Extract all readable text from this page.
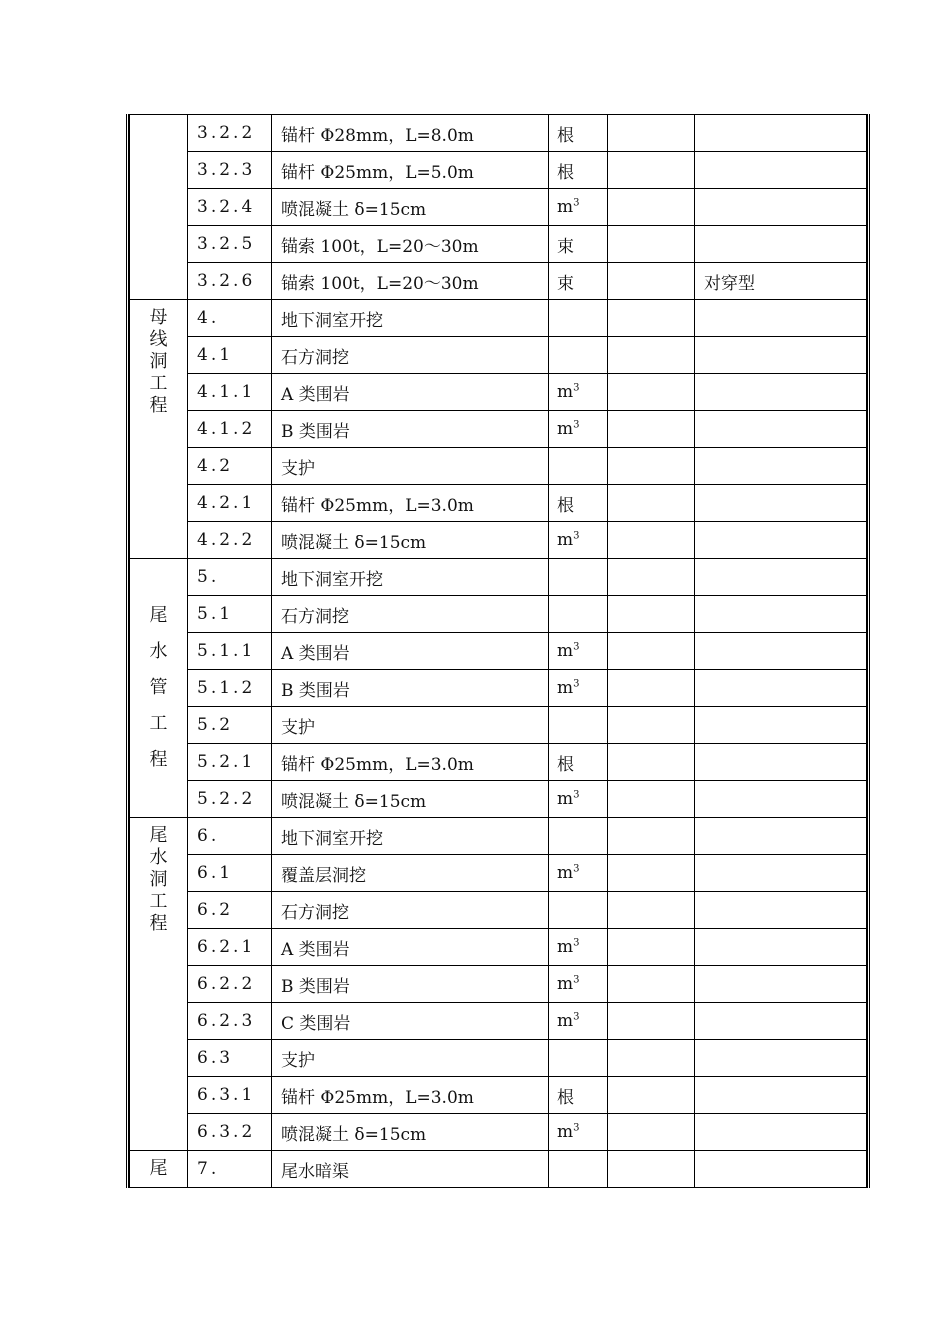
	3.2.2	锚杆 Φ28mm，L=8.0m	根		
	3.2.3	锚杆 Φ25mm，L=5.0m	根		
	3.2.4	喷混凝土 δ=15cm	$m^3$		
	3.2.5	锚索 100t，L=20～30m	束		
	3.2.6	锚索 100t，L=20～30m	束		对穿型

母
线
洞
工
程	4.	地下洞室开挖			
	4.1	石方洞挖			
	4.1.1	A 类围岩	$m^3$		
	4.1.2	B 类围岩	$m^3$		
	4.2	支护			
	4.2.1	锚杆 Φ25mm，L=3.0m	根		
	4.2.2	喷混凝土 δ=15cm	$m^3$		

尾
水
管
工
程	5.	地下洞室开挖			
	5.1	石方洞挖			
	5.1.1	A 类围岩	$m^3$		
	5.1.2	B 类围岩	$m^3$		
	5.2	支护			
	5.2.1	锚杆 Φ25mm，L=3.0m	根		
	5.2.2	喷混凝土 δ=15cm	$m^3$		

尾
水
洞
工
程	6.	地下洞室开挖			
	6.1	覆盖层洞挖	$m^3$		
	6.2	石方洞挖			
	6.2.1	A 类围岩	$m^3$		
	6.2.2	B 类围岩	$m^3$		
	6.2.3	C 类围岩	$m^3$		
	6.3	支护			
	6.3.1	锚杆 Φ25mm，L=3.0m	根		
	6.3.2	喷混凝土 δ=15cm	$m^3$		

尾	7.	尾水暗渠			
